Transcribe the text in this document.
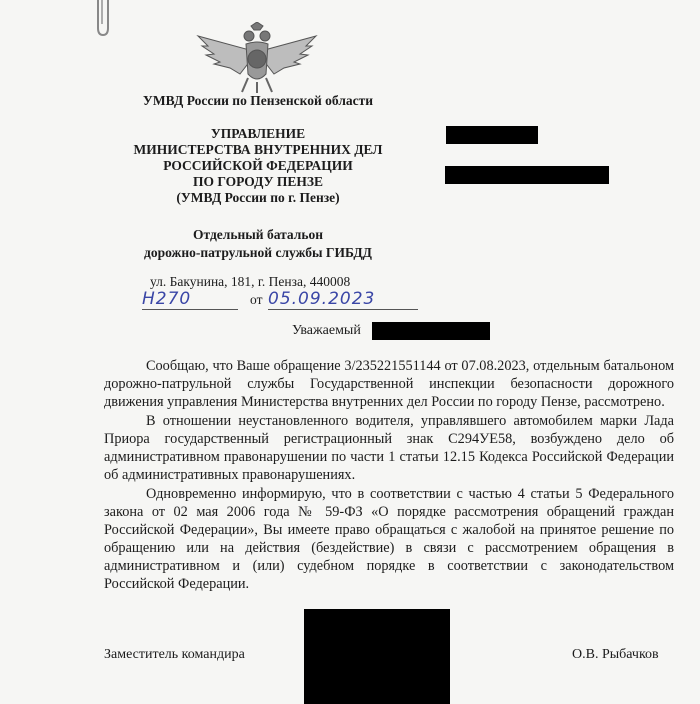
УМВД России по Пензенской области
УПРАВЛЕНИЕ
МИНИСТЕРСТВА ВНУТРЕННИХ ДЕЛ
РОССИЙСКОЙ ФЕДЕРАЦИИ
ПО ГОРОДУ ПЕНЗЕ
(УМВД России по г. Пензе)
Отдельный батальон
дорожно-патрульной службы ГИБДД
ул. Бакунина, 181, г. Пенза, 440008
Н270	от 05.09.2023
Уважаемый

Сообщаю, что Ваше обращение 3/235221551144 от 07.08.2023, отдельным батальоном дорожно-патрульной службы Государственной инспекции безопасности дорожного движения управления Министерства внутренних дел России по городу Пензе, рассмотрено.

В отношении неустановленного водителя, управлявшего автомобилем марки Лада Приора государственный регистрационный знак С294УЕ58, возбуждено дело об административном правонарушении по части 1 статьи 12.15 Кодекса Российской Федерации об административных правонарушениях.

Одновременно информирую, что в соответствии с частью 4 статьи 5 Федерального закона от 02 мая 2006 года № 59-ФЗ «О порядке рассмотрения обращений граждан Российской Федерации», Вы имеете право обращаться с жалобой на принятое решение по обращению или на действия (бездействие) в связи с рассмотрением обращения в административном и (или) судебном порядке в соответствии с законодательством Российской Федерации.

Заместитель командира	О.В. Рыбачков
